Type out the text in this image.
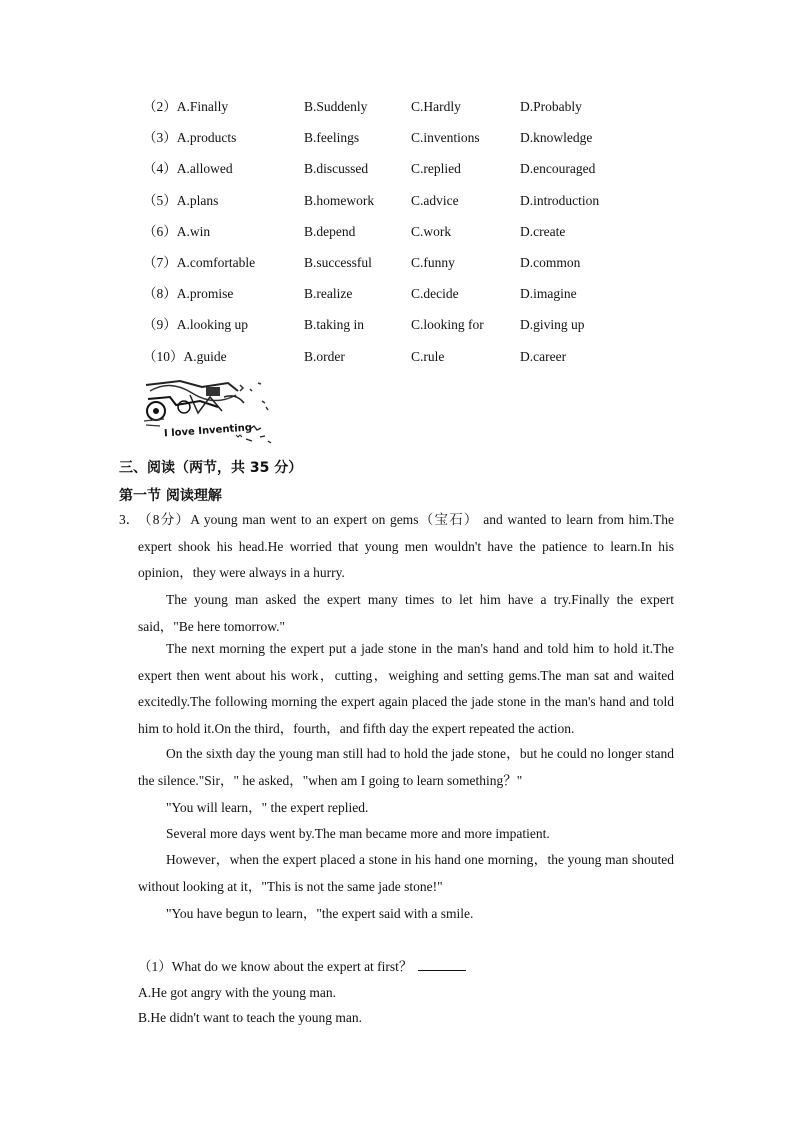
（2）A.Finally	B.Suddenly	C.Hardly	D.Probably
（3）A.products	B.feelings	C.inventions	D.knowledge
（4）A.allowed	B.discussed	C.replied	D.encouraged
（5）A.plans	B.homework	C.advice	D.introduction
（6）A.win	B.depend	C.work	D.create
（7）A.comfortable	B.successful	C.funny	D.common
（8）A.promise	B.realize	C.decide	D.imagine
（9）A.looking up	B.taking in	C.looking for	D.giving up
（10）A.guide	B.order	C.rule	D.career
I love Inventing
三、阅读（两节，共 35 分）
第一节 阅读理解
3．

（8分）A young man went to an expert on gems（宝石） and wanted to learn from him.The expert shook his head.He worried that young men wouldn't have the patience to learn.In his opinion，they were always in a hurry.

The young man asked the expert many times to let him have a try.Finally the expert said，"Be here tomorrow."

The next morning the expert put a jade stone in the man's hand and told him to hold it.The expert then went about his work，cutting，weighing and setting gems.The man sat and waited excitedly.The following morning the expert again placed the jade stone in the man's hand and told him to hold it.On the third，fourth，and fifth day the expert repeated the action.

On the sixth day the young man still had to hold the jade stone，but he could no longer stand the silence."Sir，" he asked，"when am I going to learn something？"

"You will learn，" the expert replied.

Several more days went by.The man became more and more impatient.

However，when the expert placed a stone in his hand one morning，the young man shouted without looking at it，"This is not the same jade stone!"

"You have begun to learn，"the expert said with a smile.

（1）What do we know about the expert at first？
A.He got angry with the young man.
B.He didn't want to teach the young man.
